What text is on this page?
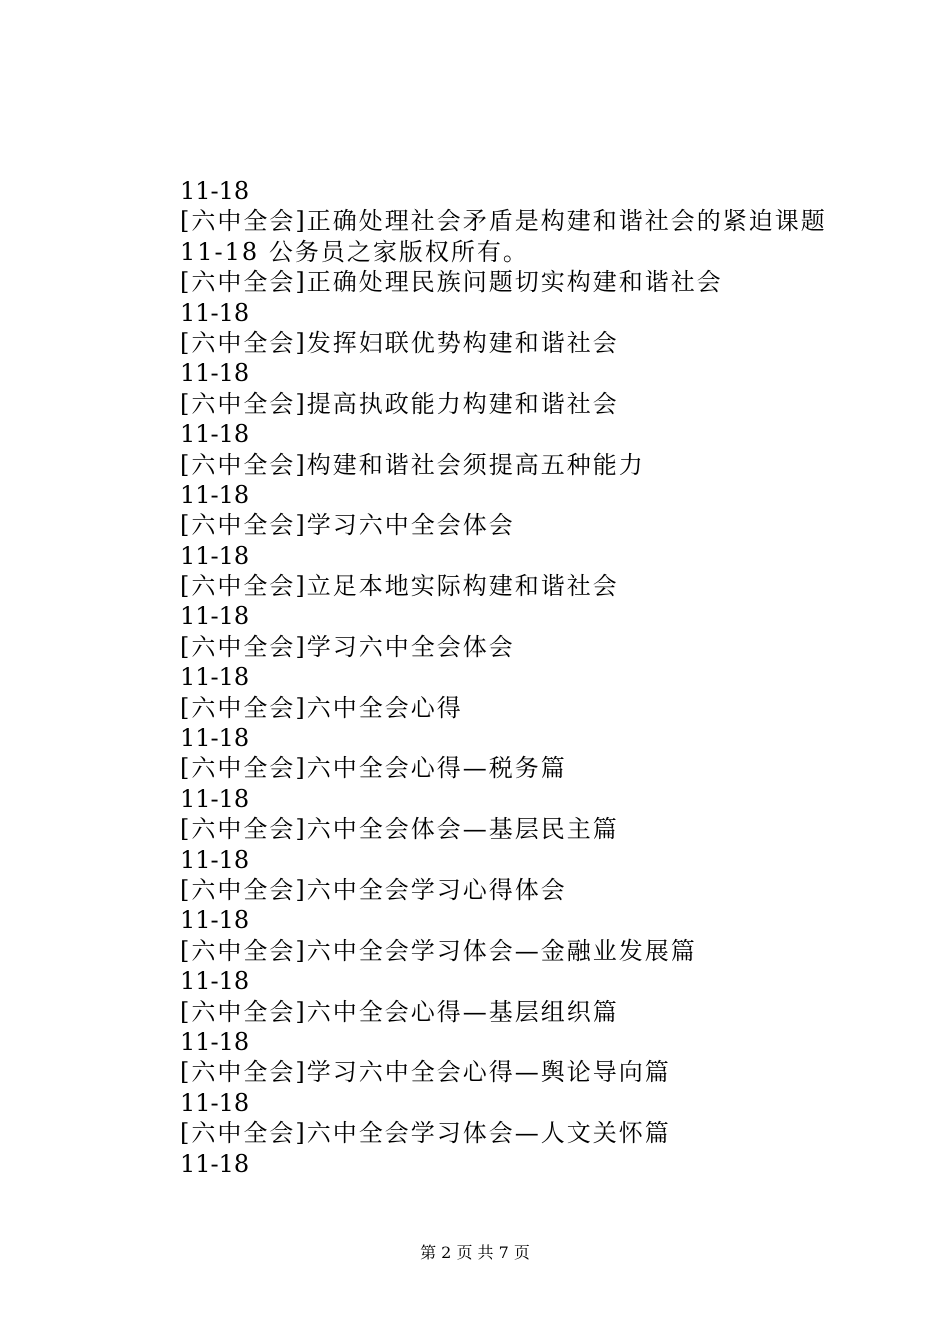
11-18
[六中全会]正确处理社会矛盾是构建和谐社会的紧迫课题
11-18 公务员之家版权所有。
[六中全会]正确处理民族问题切实构建和谐社会
11-18
[六中全会]发挥妇联优势构建和谐社会
11-18
[六中全会]提高执政能力构建和谐社会
11-18
[六中全会]构建和谐社会须提高五种能力
11-18
[六中全会]学习六中全会体会
11-18
[六中全会]立足本地实际构建和谐社会
11-18
[六中全会]学习六中全会体会
11-18
[六中全会]六中全会心得
11-18
[六中全会]六中全会心得—税务篇
11-18
[六中全会]六中全会体会—基层民主篇
11-18
[六中全会]六中全会学习心得体会
11-18
[六中全会]六中全会学习体会—金融业发展篇
11-18
[六中全会]六中全会心得—基层组织篇
11-18
[六中全会]学习六中全会心得—舆论导向篇
11-18
[六中全会]六中全会学习体会—人文关怀篇
11-18
第 2 页 共 7 页
